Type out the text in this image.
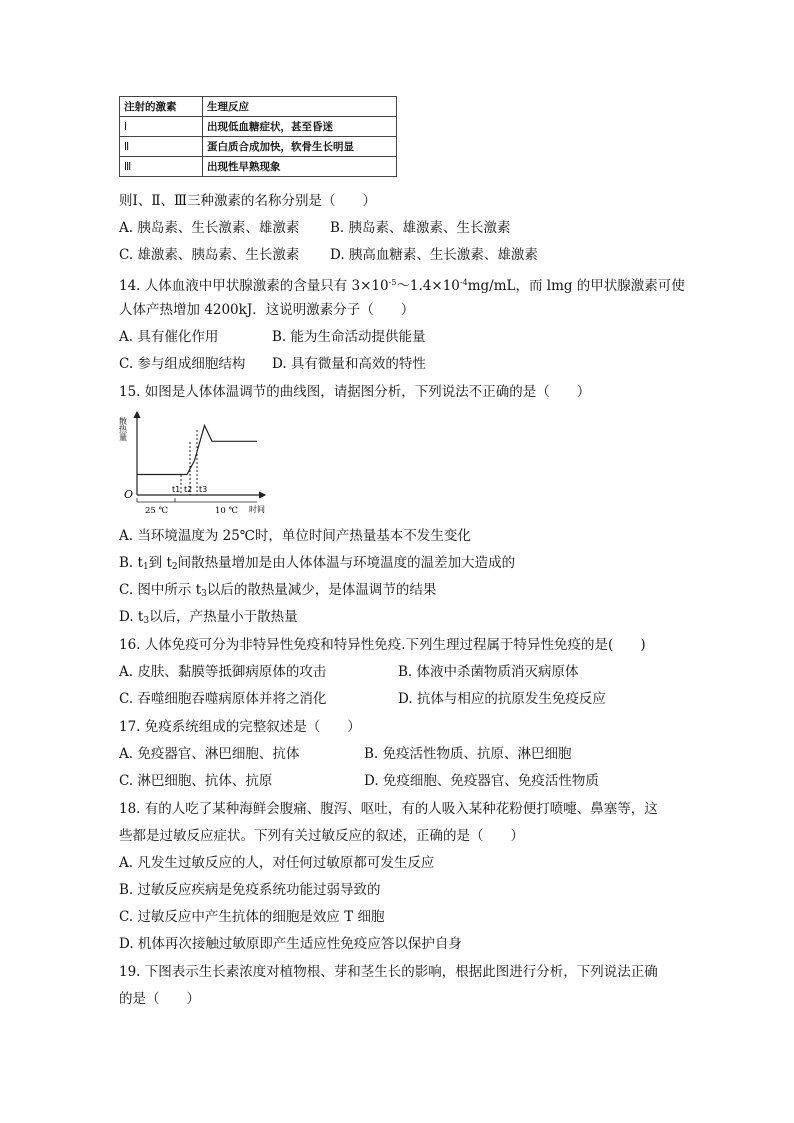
注射的激素	生理反应
Ⅰ	出现低血糖症状，甚至昏迷
Ⅱ	蛋白质合成加快，软骨生长明显
Ⅲ	出现性早熟现象
则Ⅰ、Ⅱ、Ⅲ三种激素的名称分别是（　　）
A. 胰岛素、生长激素、雄激素 B. 胰岛素、雄激素、生长激素
C. 雄激素、胰岛素、生长激素 D. 胰高血糖素、生长激素、雄激素
14. 人体血液中甲状腺激素的含量只有 $3\times 10^{-5}\sim 1.4\times 10^{-4}mg/mL$，而 lmg 的甲状腺激素可使
人体产热增加 4200kJ．这说明激素分子（　　）
A. 具有催化作用	B. 能为生命活动提供能量
C. 参与组成细胞结构 D. 具有微量和高效的特性
15. 如图是人体体温调节的曲线图，请据图分析，下列说法不正确的是（　　）
散热量
时间
O	t1 t2 t3
25 ℃	10 ℃
A. 当环境温度为 25℃时，单位时间产热量基本不发生变化
B. $t_1$到 $t_2$间散热量增加是由人体体温与环境温度的温差加大造成的
C. 图中所示 $t_3$以后的散热量减少，是体温调节的结果
D. $t_3$以后，产热量小于散热量
16. 人体免疫可分为非特异性免疫和特异性免疫.下列生理过程属于特异性免疫的是(　　)
A. 皮肤、黏膜等抵御病原体的攻击	B. 体液中杀菌物质消灭病原体
C. 吞噬细胞吞噬病原体并将之消化	D. 抗体与相应的抗原发生免疫反应
17. 免疫系统组成的完整叙述是（　　）
A. 免疫器官、淋巴细胞、抗体	B. 免疫活性物质、抗原、淋巴细胞
C. 淋巴细胞、抗体、抗原	D. 免疫细胞、免疫器官、免疫活性物质
18. 有的人吃了某种海鲜会腹痛、腹泻、呕吐，有的人吸入某种花粉便打喷嚏、鼻塞等，这
些都是过敏反应症状。下列有关过敏反应的叙述，正确的是（　　）
A. 凡发生过敏反应的人，对任何过敏原都可发生反应
B. 过敏反应疾病是免疫系统功能过弱导致的
C. 过敏反应中产生抗体的细胞是效应 T 细胞
D. 机体再次接触过敏原即产生适应性免疫应答以保护自身
19. 下图表示生长素浓度对植物根、芽和茎生长的影响，根据此图进行分析，下列说法正确
的是（　　）
